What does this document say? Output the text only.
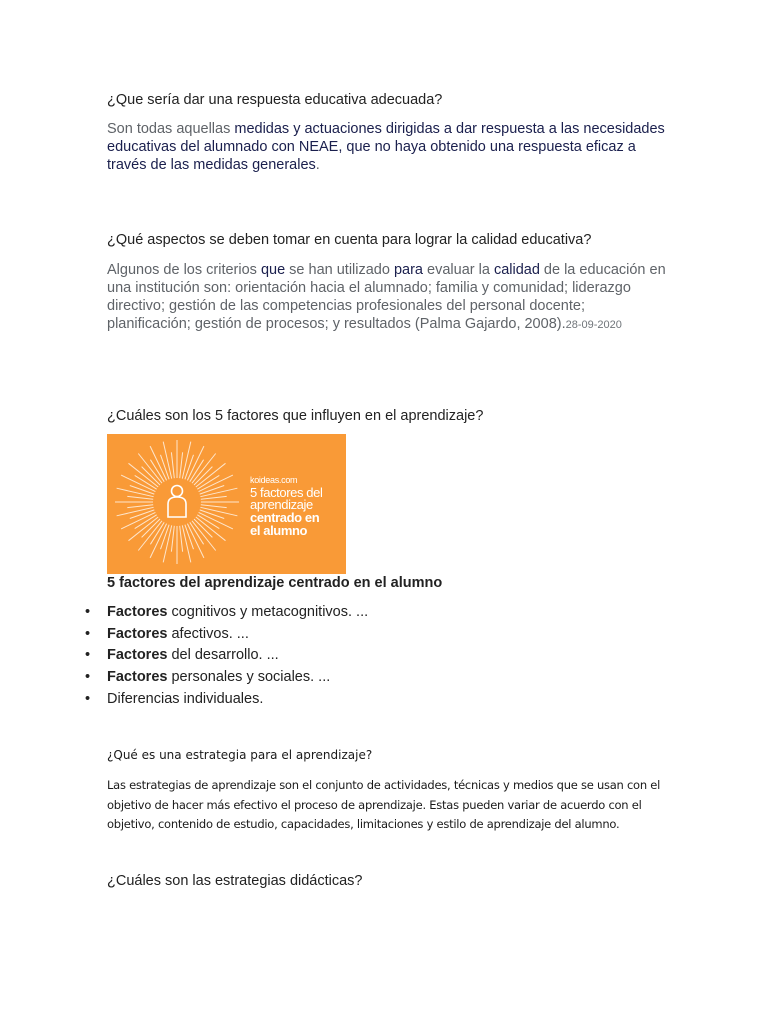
¿Que sería dar una respuesta educativa adecuada?

Son todas aquellas medidas y actuaciones dirigidas a dar respuesta a las necesidades educativas del alumnado con NEAE, que no haya obtenido una respuesta eficaz a través de las medidas generales.

¿Qué aspectos se deben tomar en cuenta para lograr la calidad educativa?

Algunos de los criterios que se han utilizado para evaluar la calidad de la educación en una institución son: orientación hacia el alumnado; familia y comunidad; liderazgo directivo; gestión de las competencias profesionales del personal docente; planificación; gestión de procesos; y resultados (Palma Gajardo, 2008).28-09-2020

¿Cuáles son los 5 factores que influyen en el aprendizaje?
koideas.com
5 factores del
aprendizaje
centrado en
el alumno
5 factores del aprendizaje centrado en el alumno
• Factores cognitivos y metacognitivos. ...
• Factores afectivos. ...
• Factores del desarrollo. ...
• Factores personales y sociales. ...
• Diferencias individuales.
¿Qué es una estrategia para el aprendizaje?

Las estrategias de aprendizaje son el conjunto de actividades, técnicas y medios que se usan con el objetivo de hacer más efectivo el proceso de aprendizaje. Estas pueden variar de acuerdo con el objetivo, contenido de estudio, capacidades, limitaciones y estilo de aprendizaje del alumno.

¿Cuáles son las estrategias didácticas?
